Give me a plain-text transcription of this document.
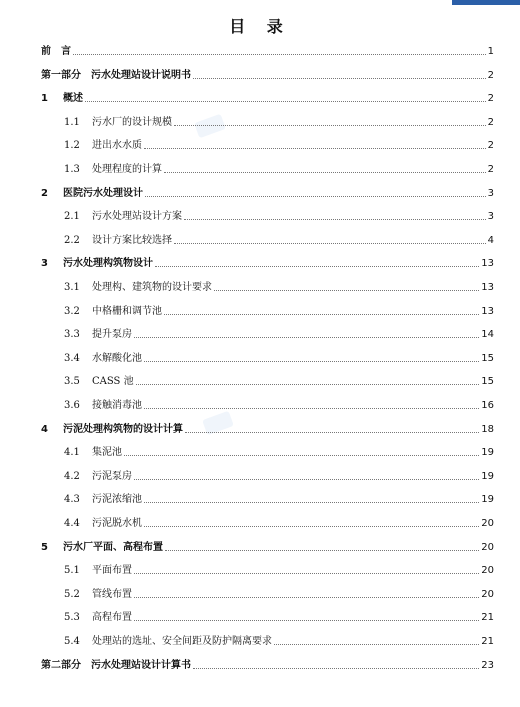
目 录
前　言	1
第一部分　污水处理站设计说明书	2
1	概述	2
1.1	污水厂的设计规模	2
1.2	进出水水质	2
1.3	处理程度的计算	2
2	医院污水处理设计	3
2.1	污水处理站设计方案	3
2.2	设计方案比较选择	4
3	污水处理构筑物设计	13
3.1	处理构、建筑物的设计要求	13
3.2	中格栅和调节池	13
3.3	提升泵房	14
3.4	水解酸化池	15
3.5	CASS 池	15
3.6	接触消毒池	16
4	污泥处理构筑物的设计计算	18
4.1	集泥池	19
4.2	污泥泵房	19
4.3	污泥浓缩池	19
4.4	污泥脱水机	20
5	污水厂平面、高程布置	20
5.1	平面布置	20
5.2	管线布置	20
5.3	高程布置	21
5.4	处理站的选址、安全间距及防护隔离要求	21
第二部分　污水处理站设计计算书	23
